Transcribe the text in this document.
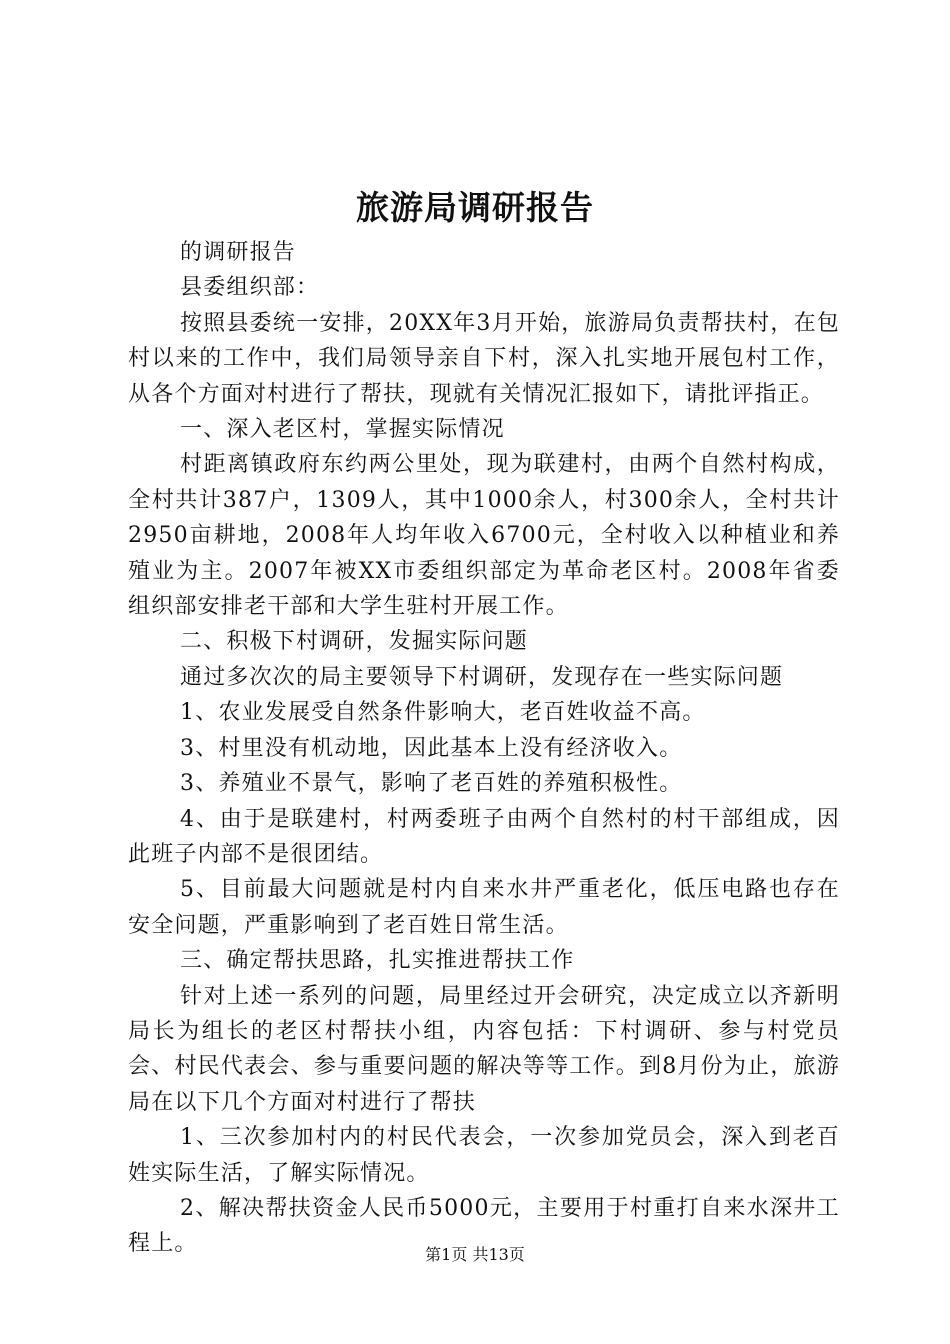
旅游局调研报告

的调研报告

县委组织部：

按照县委统一安排，20XX年3月开始，旅游局负责帮扶村，在包村以来的工作中，我们局领导亲自下村，深入扎实地开展包村工作，从各个方面对村进行了帮扶，现就有关情况汇报如下，请批评指正。

一、深入老区村，掌握实际情况

村距离镇政府东约两公里处，现为联建村，由两个自然村构成，全村共计387户，1309人，其中1000余人，村300余人，全村共计2950亩耕地，2008年人均年收入6700元，全村收入以种植业和养殖业为主。2007年被XX市委组织部定为革命老区村。2008年省委组织部安排老干部和大学生驻村开展工作。

二、积极下村调研，发掘实际问题

通过多次次的局主要领导下村调研，发现存在一些实际问题

1、农业发展受自然条件影响大，老百姓收益不高。

3、村里没有机动地，因此基本上没有经济收入。

3、养殖业不景气，影响了老百姓的养殖积极性。

4、由于是联建村，村两委班子由两个自然村的村干部组成，因此班子内部不是很团结。

5、目前最大问题就是村内自来水井严重老化，低压电路也存在安全问题，严重影响到了老百姓日常生活。

三、确定帮扶思路，扎实推进帮扶工作

针对上述一系列的问题，局里经过开会研究，决定成立以齐新明局长为组长的老区村帮扶小组，内容包括：下村调研、参与村党员会、村民代表会、参与重要问题的解决等等工作。到8月份为止，旅游局在以下几个方面对村进行了帮扶

1、三次参加村内的村民代表会，一次参加党员会，深入到老百姓实际生活，了解实际情况。

2、解决帮扶资金人民币5000元，主要用于村重打自来水深井工程上。	第1页 共13页
